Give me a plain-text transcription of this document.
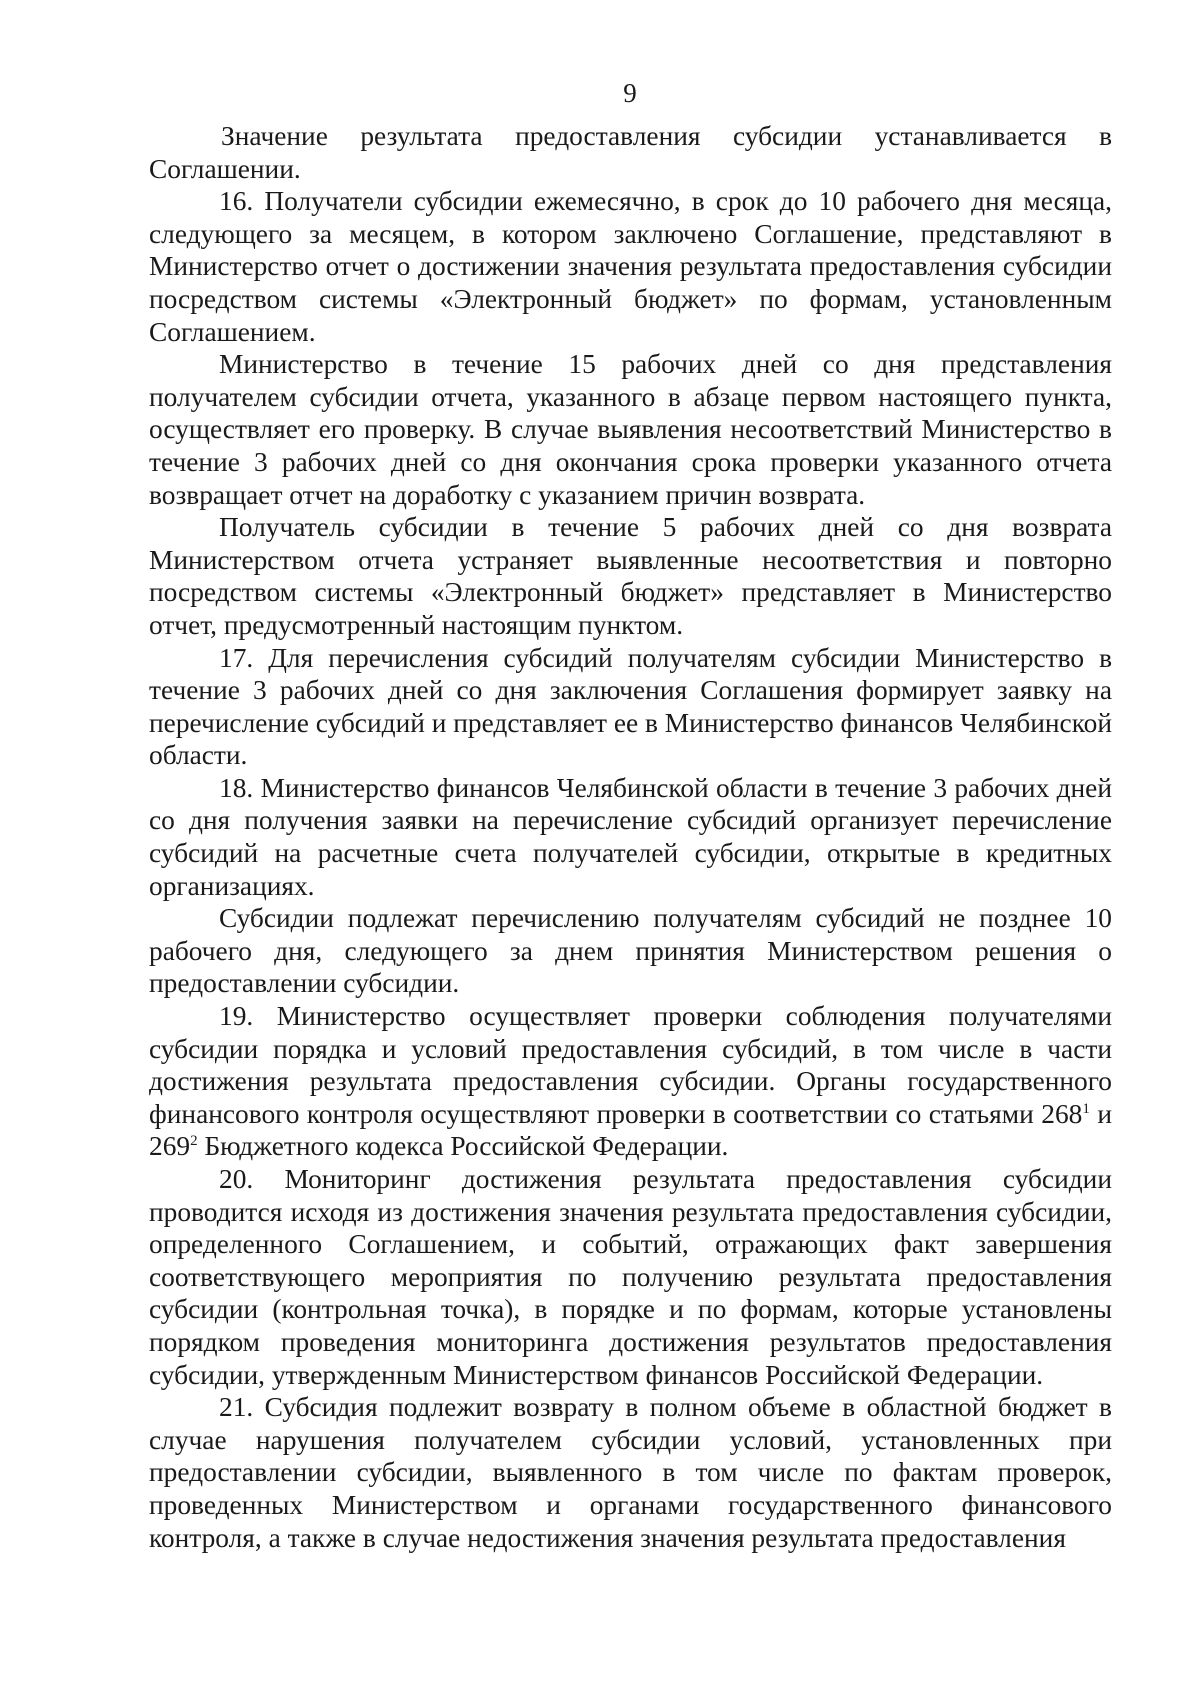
9

Значение результата предоставления субсидии устанавливается в Соглашении.

16. Получатели субсидии ежемесячно, в срок до 10 рабочего дня месяца, следующего за месяцем, в котором заключено Соглашение, представляют в Министерство отчет о достижении значения результата предоставления субсидии посредством системы «Электронный бюджет» по формам, установленным Соглашением.

Министерство в течение 15 рабочих дней со дня представления получателем субсидии отчета, указанного в абзаце первом настоящего пункта, осуществляет его проверку. В случае выявления несоответствий Министерство в течение 3 рабочих дней со дня окончания срока проверки указанного отчета возвращает отчет на доработку с указанием причин возврата.

Получатель субсидии в течение 5 рабочих дней со дня возврата Министерством отчета устраняет выявленные несоответствия и повторно посредством системы «Электронный бюджет» представляет в Министерство отчет, предусмотренный настоящим пунктом.

17. Для перечисления субсидий получателям субсидии Министерство в течение 3 рабочих дней со дня заключения Соглашения формирует заявку на перечисление субсидий и представляет ее в Министерство финансов Челябинской области.

18. Министерство финансов Челябинской области в течение 3 рабочих дней со дня получения заявки на перечисление субсидий организует перечисление субсидий на расчетные счета получателей субсидии, открытые в кредитных организациях.

Субсидии подлежат перечислению получателям субсидий не позднее 10 рабочего дня, следующего за днем принятия Министерством решения о предоставлении субсидии.

19. Министерство осуществляет проверки соблюдения получателями субсидии порядка и условий предоставления субсидий, в том числе в части достижения результата предоставления субсидии. Органы государственного финансового контроля осуществляют проверки в соответствии со статьями $268^1$ и $269^2$ Бюджетного кодекса Российской Федерации.

20. Мониторинг достижения результата предоставления субсидии проводится исходя из достижения значения результата предоставления субсидии, определенного Соглашением, и событий, отражающих факт завершения соответствующего мероприятия по получению результата предоставления субсидии (контрольная точка), в порядке и по формам, которые установлены порядком проведения мониторинга достижения результатов предоставления субсидии, утвержденным Министерством финансов Российской Федерации.

21. Субсидия подлежит возврату в полном объеме в областной бюджет в случае нарушения получателем субсидии условий, установленных при предоставлении субсидии, выявленного в том числе по фактам проверок, проведенных Министерством и органами государственного финансового контроля, а также в случае недостижения значения результата предоставления
